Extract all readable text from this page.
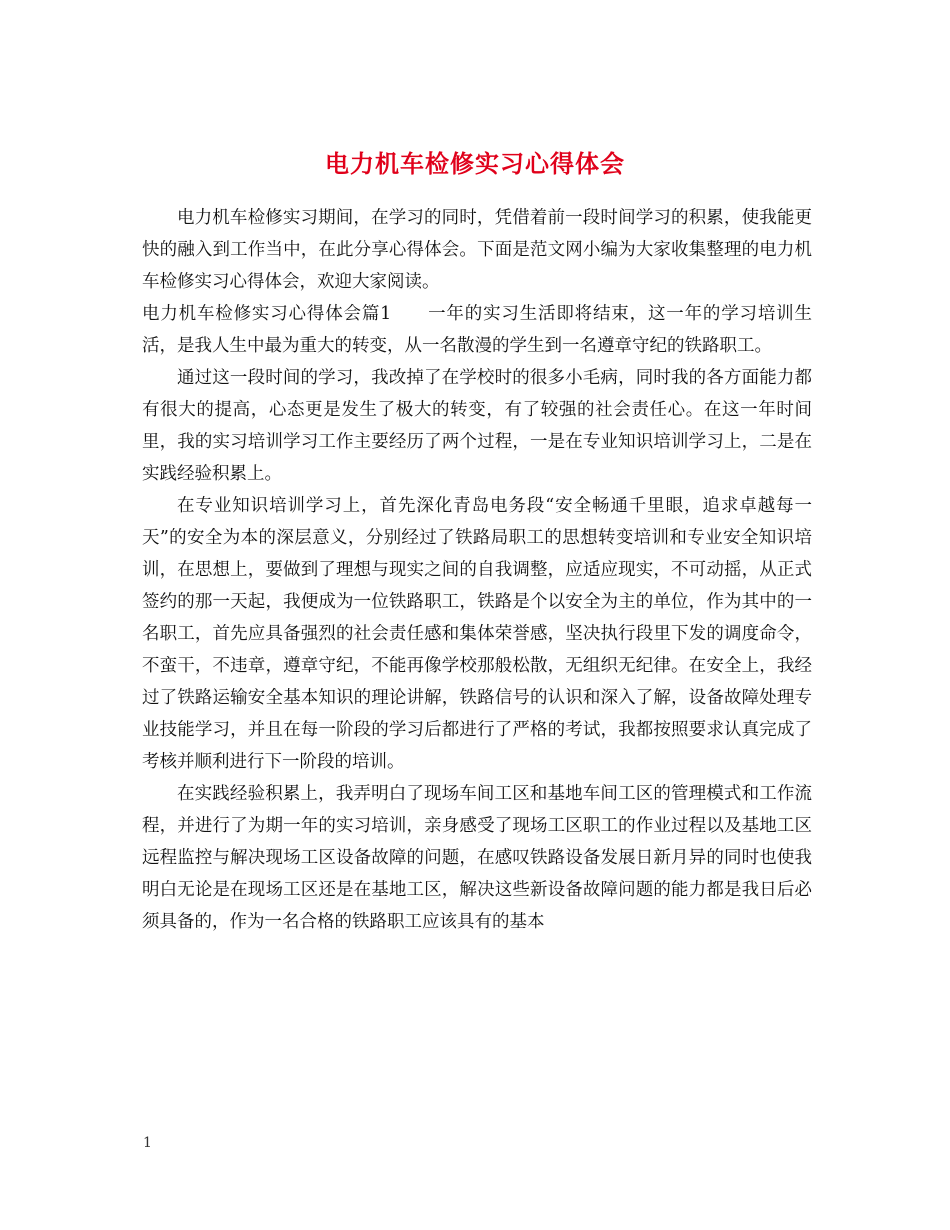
电力机车检修实习心得体会

电力机车检修实习期间，在学习的同时，凭借着前一段时间学习的积累，使我能更快的融入到工作当中，在此分享心得体会。下面是范文网小编为大家收集整理的电力机车检修实习心得体会，欢迎大家阅读。

电力机车检修实习心得体会篇1 一年的实习生活即将结束，这一年的学习培训生活，是我人生中最为重大的转变，从一名散漫的学生到一名遵章守纪的铁路职工。

通过这一段时间的学习，我改掉了在学校时的很多小毛病，同时我的各方面能力都有很大的提高，心态更是发生了极大的转变，有了较强的社会责任心。在这一年时间里，我的实习培训学习工作主要经历了两个过程，一是在专业知识培训学习上，二是在实践经验积累上。

在专业知识培训学习上，首先深化青岛电务段“安全畅通千里眼，追求卓越每一天”的安全为本的深层意义，分别经过了铁路局职工的思想转变培训和专业安全知识培训，在思想上，要做到了理想与现实之间的自我调整，应适应现实，不可动摇，从正式签约的那一天起，我便成为一位铁路职工，铁路是个以安全为主的单位，作为其中的一名职工，首先应具备强烈的社会责任感和集体荣誉感，坚决执行段里下发的调度命令，不蛮干，不违章，遵章守纪，不能再像学校那般松散，无组织无纪律。在安全上，我经过了铁路运输安全基本知识的理论讲解，铁路信号的认识和深入了解，设备故障处理专业技能学习，并且在每一阶段的学习后都进行了严格的考试，我都按照要求认真完成了考核并顺利进行下一阶段的培训。

在实践经验积累上，我弄明白了现场车间工区和基地车间工区的管理模式和工作流程，并进行了为期一年的实习培训，亲身感受了现场工区职工的作业过程以及基地工区远程监控与解决现场工区设备故障的问题，在感叹铁路设备发展日新月异的同时也使我明白无论是在现场工区还是在基地工区，解决这些新设备故障问题的能力都是我日后必须具备的，作为一名合格的铁路职工应该具有的基本

1
